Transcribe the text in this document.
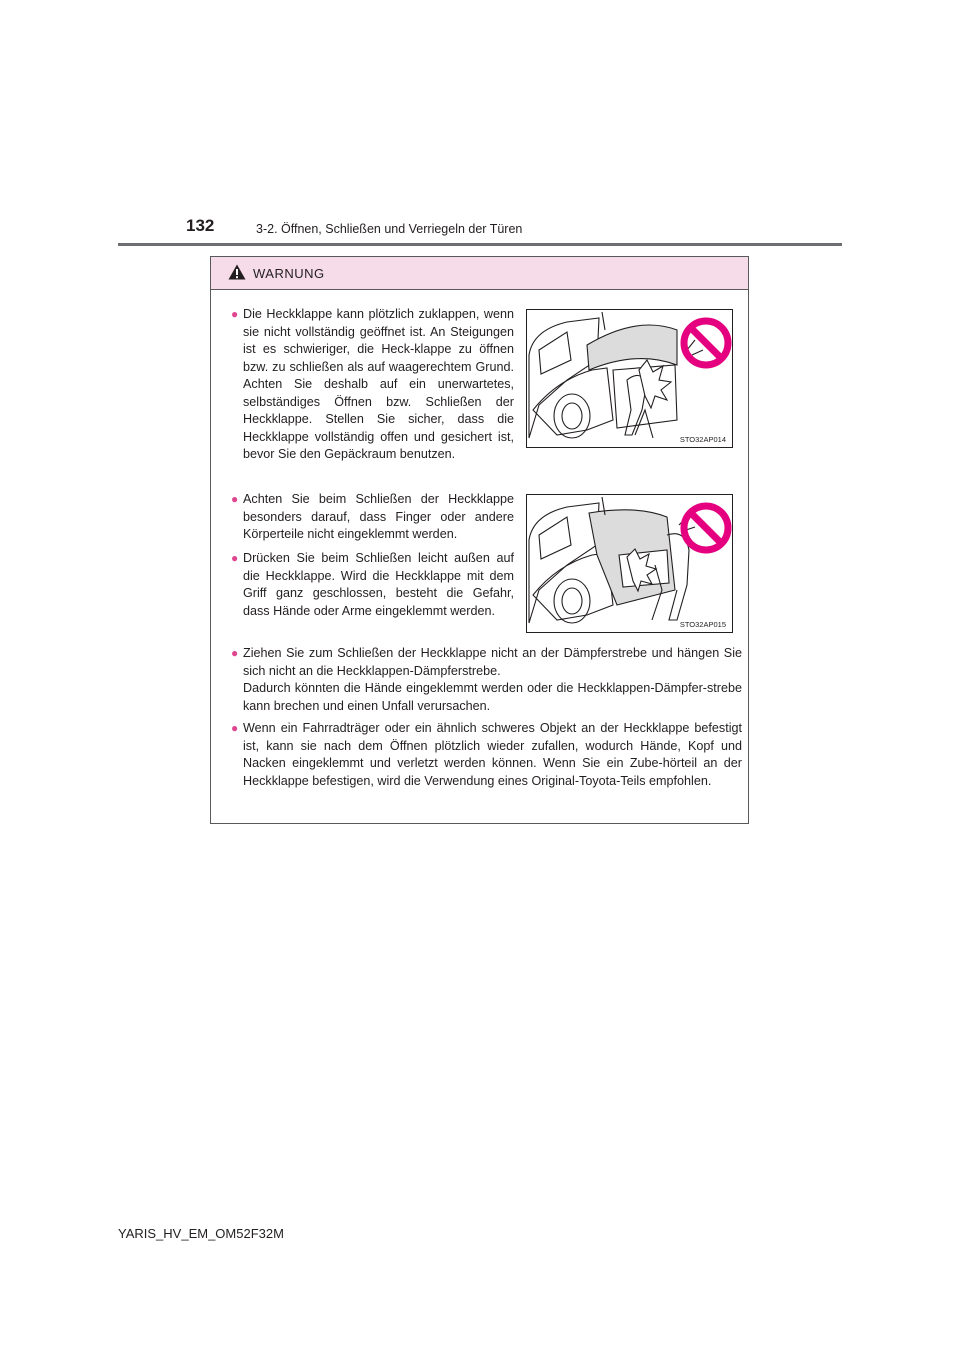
132	3-2. Öffnen, Schließen und Verriegeln der Türen
WARNUNG
● Die Heckklappe kann plötzlich zuklappen, wenn sie nicht vollständig geöffnet ist. An Steigungen ist es schwieriger, die Heck-klappe zu öffnen bzw. zu schließen als auf waagerechtem Grund. Achten Sie deshalb auf ein unerwartetes, selbständiges Öffnen bzw. Schließen der Heckklappe. Stellen Sie sicher, dass die Heckklappe vollständig offen und gesichert ist, bevor Sie den Gepäckraum benutzen.

STO32AP014
● Achten Sie beim Schließen der Heckklappe besonders darauf, dass Finger oder andere Körperteile nicht eingeklemmt werden.

● Drücken Sie beim Schließen leicht außen auf die Heckklappe. Wird die Heckklappe mit dem Griff ganz geschlossen, besteht die Gefahr, dass Hände oder Arme eingeklemmt werden.

STO32AP015
● Ziehen Sie zum Schließen der Heckklappe nicht an der Dämpferstrebe und hängen Sie sich nicht an die Heckklappen-Dämpferstrebe.

Dadurch könnten die Hände eingeklemmt werden oder die Heckklappen-Dämpfer-strebe kann brechen und einen Unfall verursachen.

● Wenn ein Fahrradträger oder ein ähnlich schweres Objekt an der Heckklappe befestigt ist, kann sie nach dem Öffnen plötzlich wieder zufallen, wodurch Hände, Kopf und Nacken eingeklemmt und verletzt werden können. Wenn Sie ein Zube-hörteil an der Heckklappe befestigen, wird die Verwendung eines Original-Toyota-Teils empfohlen.

YARIS_HV_EM_OM52F32M
